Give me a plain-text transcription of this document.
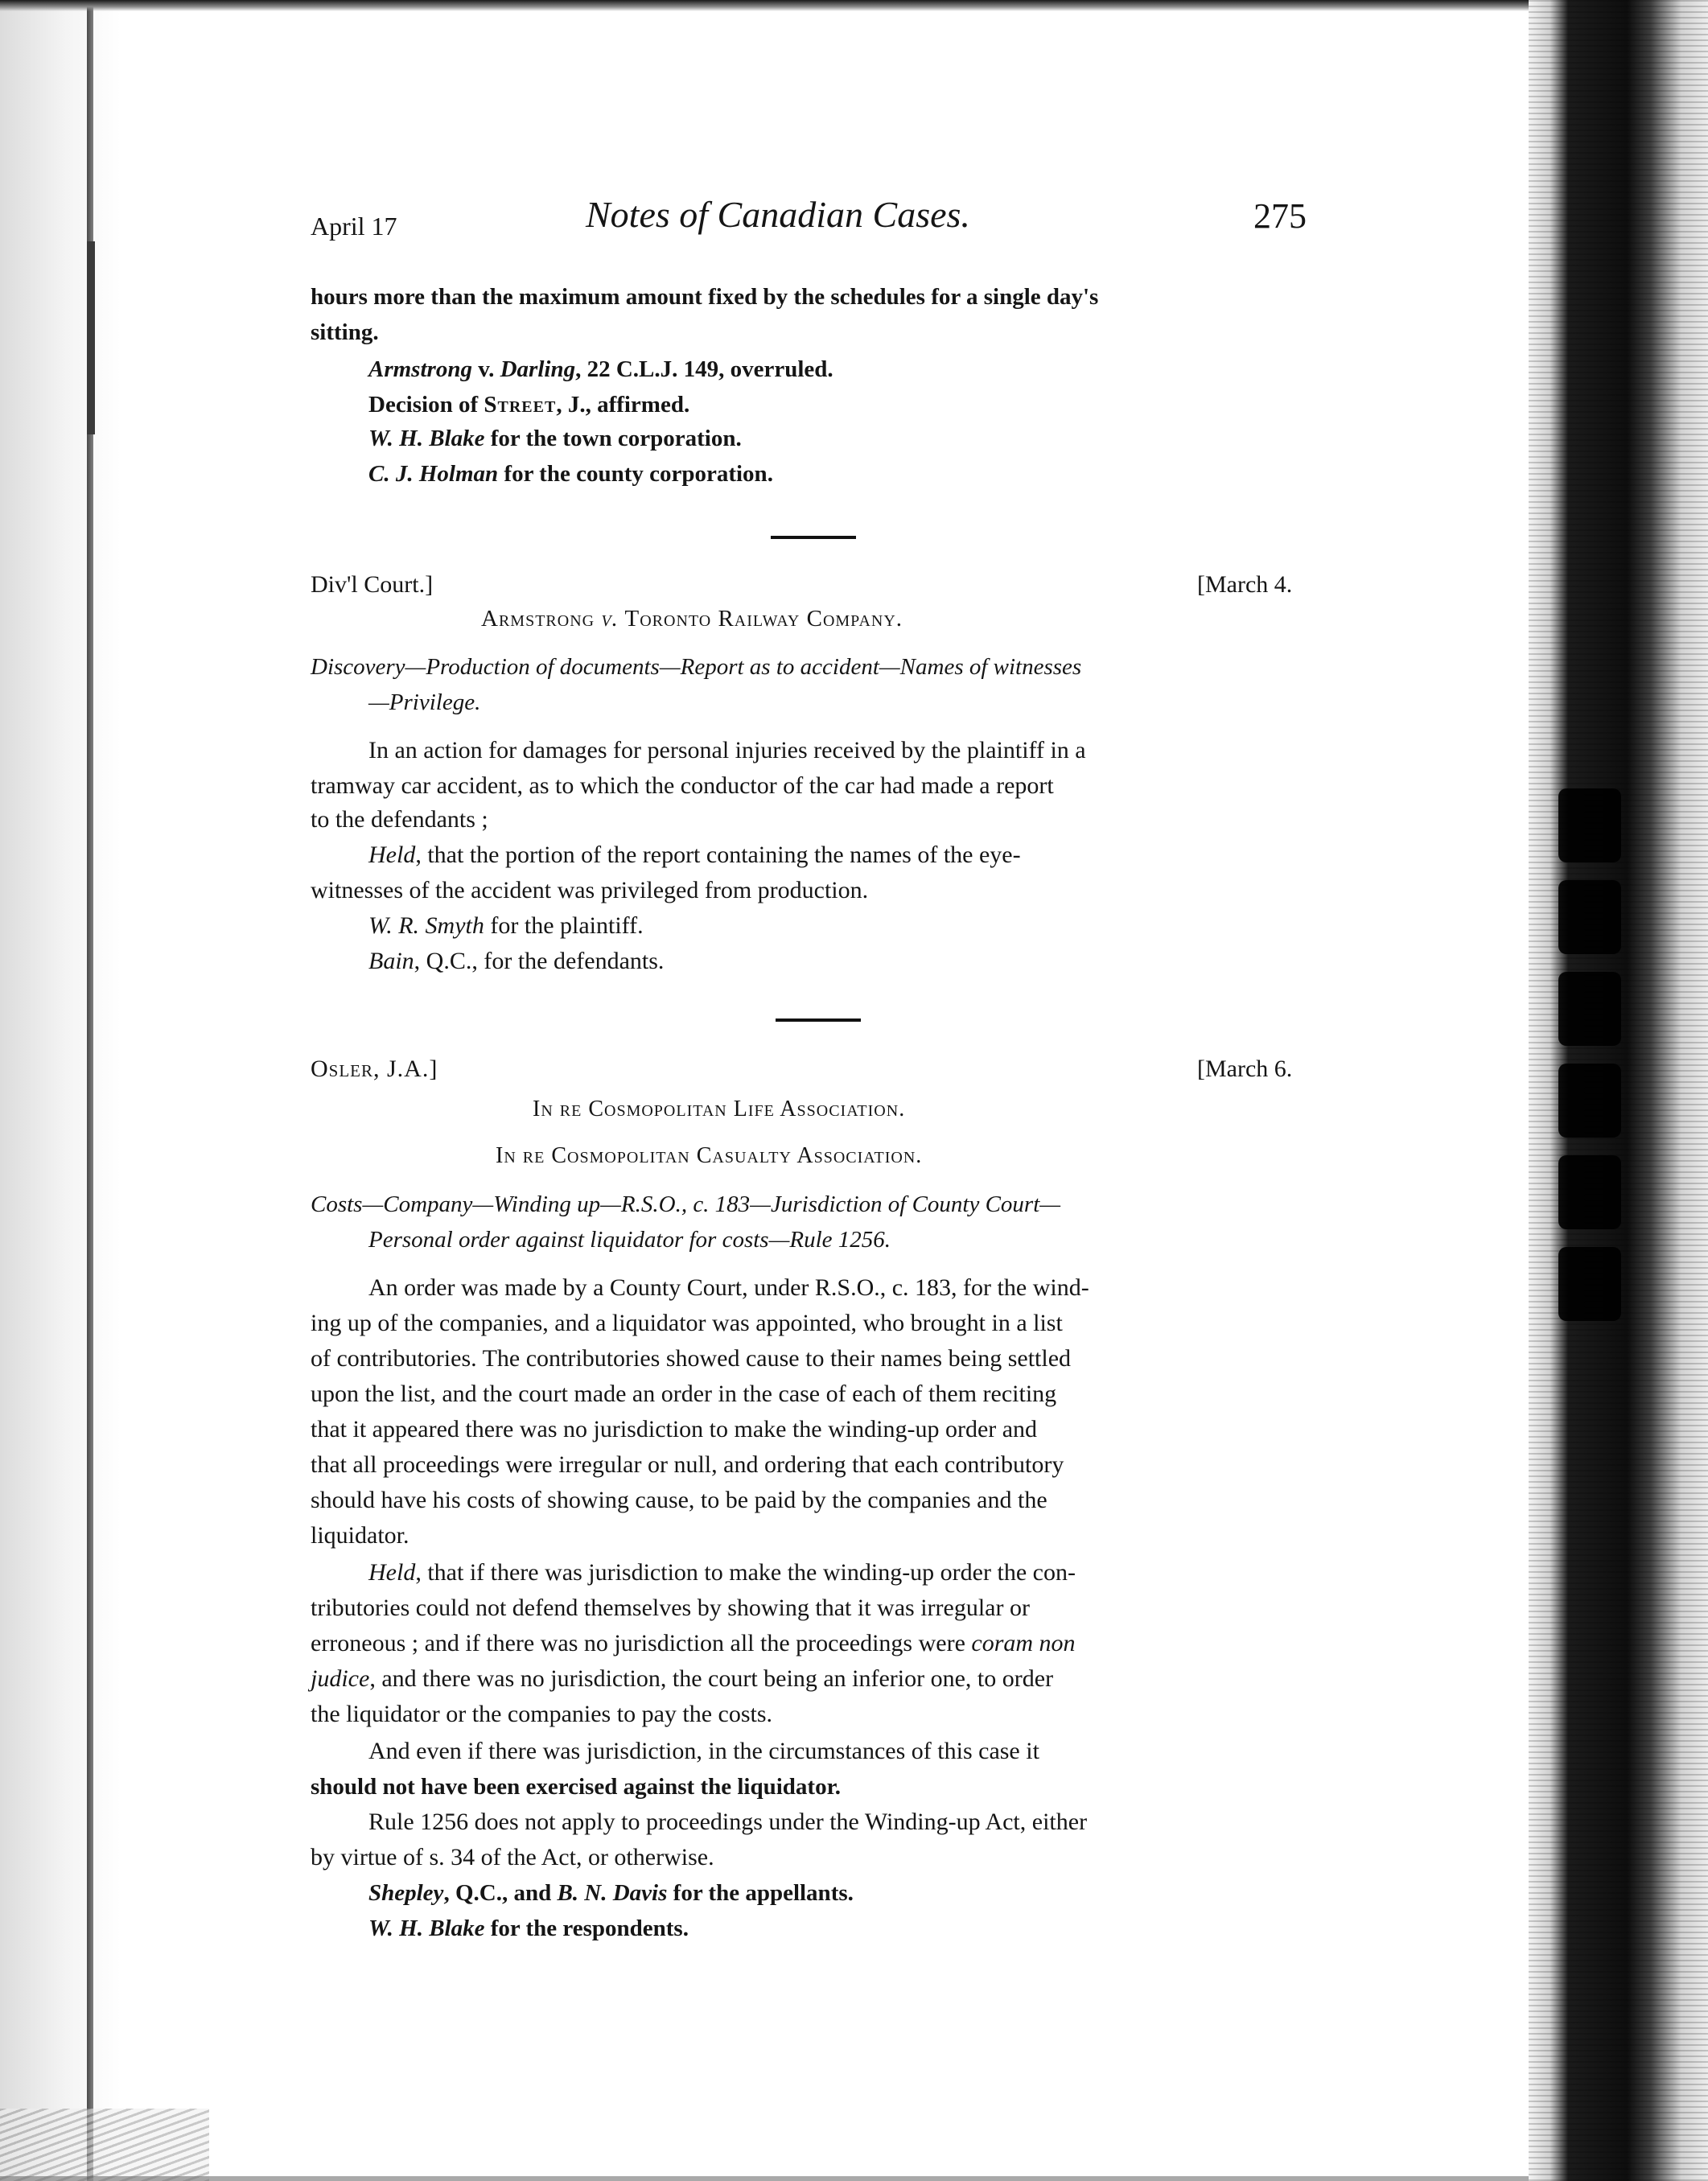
April 17	Notes of Canadian Cases.	275
hours more than the maximum amount fixed by the schedules for a single day's
sitting.
Armstrong v. Darling, 22 C.L.J. 149, overruled.
Decision of Street, J., affirmed.
W. H. Blake for the town corporation.
C. J. Holman for the county corporation.
Div'l Court.]	[March 4.
Armstrong v. Toronto Railway Company.
Discovery—Production of documents—Report as to accident—Names of witnesses
—Privilege.
In an action for damages for personal injuries received by the plaintiff in a
tramway car accident, as to which the conductor of the car had made a report
to the defendants ;
Held, that the portion of the report containing the names of the eye-
witnesses of the accident was privileged from production.
W. R. Smyth for the plaintiff.
Bain, Q.C., for the defendants.
Osler, J.A.]	[March 6.
In re Cosmopolitan Life Association.
In re Cosmopolitan Casualty Association.
Costs—Company—Winding up—R.S.O., c. 183—Jurisdiction of County Court—
Personal order against liquidator for costs—Rule 1256.
An order was made by a County Court, under R.S.O., c. 183, for the wind-
ing up of the companies, and a liquidator was appointed, who brought in a list
of contributories. The contributories showed cause to their names being settled
upon the list, and the court made an order in the case of each of them reciting
that it appeared there was no jurisdiction to make the winding-up order and
that all proceedings were irregular or null, and ordering that each contributory
should have his costs of showing cause, to be paid by the companies and the
liquidator.
Held, that if there was jurisdiction to make the winding-up order the con-
tributories could not defend themselves by showing that it was irregular or
erroneous ; and if there was no jurisdiction all the proceedings were coram non
judice, and there was no jurisdiction, the court being an inferior one, to order
the liquidator or the companies to pay the costs.
And even if there was jurisdiction, in the circumstances of this case it
should not have been exercised against the liquidator.
Rule 1256 does not apply to proceedings under the Winding-up Act, either
by virtue of s. 34 of the Act, or otherwise.
Shepley, Q.C., and B. N. Davis for the appellants.
W. H. Blake for the respondents.
